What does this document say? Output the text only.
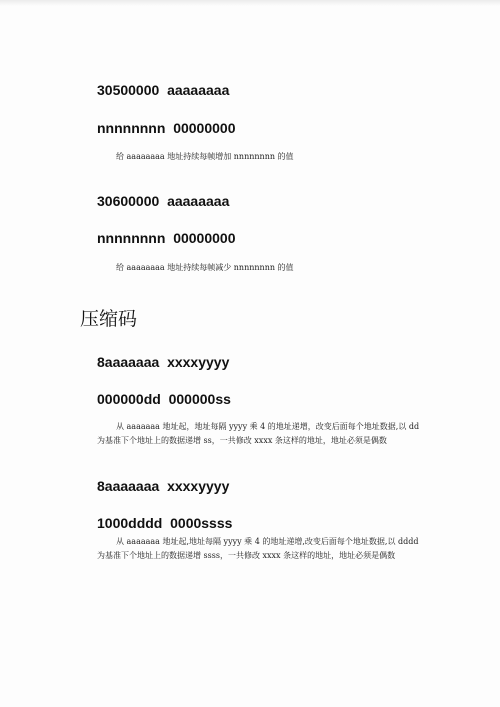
30500000  aaaaaaaa
nnnnnnnn  00000000

给 aaaaaaaa 地址持续每帧增加 nnnnnnnn 的值

30600000  aaaaaaaa
nnnnnnnn  00000000

给 aaaaaaaa 地址持续每帧减少 nnnnnnnn 的值

压缩码
8aaaaaaa  xxxxyyyy
000000dd  000000ss

从 aaaaaaa 地址起，地址每隔 yyyy 乘 4 的地址递增，改变后面每个地址数据,以 dd

为基准下个地址上的数据递增 ss，一共修改 xxxx 条这样的地址，地址必须是偶数

8aaaaaaa  xxxxyyyy
1000dddd  0000ssss

从 aaaaaaa 地址起,地址每隔 yyyy 乘 4 的地址递增,改变后面每个地址数据,以 dddd

为基准下个地址上的数据递增 ssss，一共修改 xxxx 条这样的地址，地址必须是偶数
